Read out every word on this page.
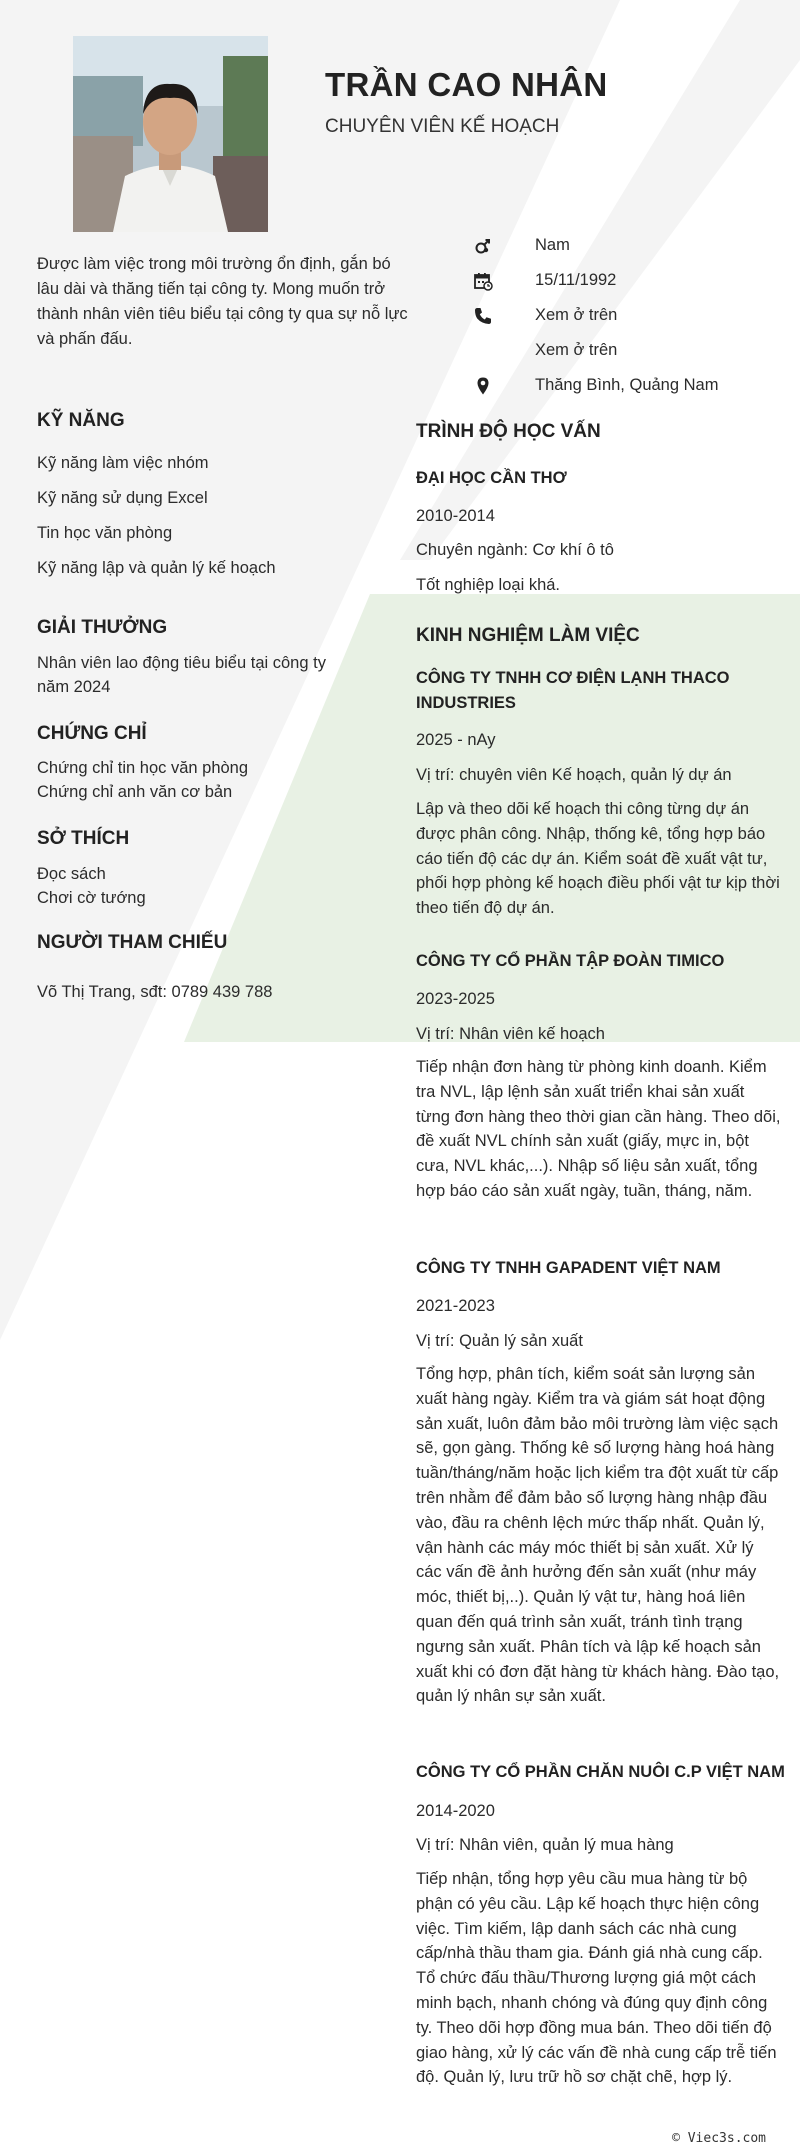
TRẦN CAO NHÂN
CHUYÊN VIÊN KẾ HOẠCH
Được làm việc trong môi trường ổn định, gắn bó lâu dài và thăng tiến tại công ty. Mong muốn trở thành nhân viên tiêu biểu tại công ty qua sự nỗ lực và phấn đấu.
Nam
15/11/1992
Xem ở trên
Xem ở trên
Thăng Bình, Quảng Nam
KỸ NĂNG
Kỹ năng làm việc nhóm
Kỹ năng sử dụng Excel
Tin học văn phòng
Kỹ năng lập và quản lý kế hoạch
GIẢI THƯỞNG
Nhân viên lao động tiêu biểu tại công ty năm 2024
CHỨNG CHỈ
Chứng chỉ tin học văn phòng
Chứng chỉ anh văn cơ bản
SỞ THÍCH
Đọc sách
Chơi cờ tướng
NGƯỜI THAM CHIẾU
Võ Thị Trang, sđt: 0789 439 788
TRÌNH ĐỘ HỌC VẤN
ĐẠI HỌC CẦN THƠ
2010-2014
Chuyên ngành: Cơ khí ô tô
Tốt nghiệp loại khá.
KINH NGHIỆM LÀM VIỆC
CÔNG TY TNHH CƠ ĐIỆN LẠNH THACO INDUSTRIES
2025 - nAy
Vị trí: chuyên viên Kế hoạch, quản lý dự án
Lập và theo dõi kế hoạch thi công từng dự án được phân công. Nhập, thống kê, tổng hợp báo cáo tiến độ các dự án. Kiểm soát đề xuất vật tư, phối hợp phòng kế hoạch điều phối vật tư kịp thời theo tiến độ dự án.
CÔNG TY CỔ PHẦN TẬP ĐOÀN TIMICO
2023-2025
Vị trí: Nhân viên kế hoạch
Tiếp nhận đơn hàng từ phòng kinh doanh. Kiểm tra NVL, lập lệnh sản xuất triển khai sản xuất từng đơn hàng theo thời gian cần hàng. Theo dõi, đề xuất NVL chính sản xuất (giấy, mực in, bột cưa, NVL khác,...). Nhập số liệu sản xuất, tổng hợp báo cáo sản xuất ngày, tuần, tháng, năm.
CÔNG TY TNHH GAPADENT VIỆT NAM
2021-2023
Vị trí: Quản lý sản xuất
Tổng hợp, phân tích, kiểm soát sản lượng sản xuất hàng ngày. Kiểm tra và giám sát hoạt động sản xuất, luôn đảm bảo môi trường làm việc sạch sẽ, gọn gàng. Thống kê số lượng hàng hoá hàng tuần/tháng/năm hoặc lịch kiểm tra đột xuất từ cấp trên nhằm để đảm bảo số lượng hàng nhập đầu vào, đầu ra chênh lệch mức thấp nhất. Quản lý, vận hành các máy móc thiết bị sản xuất. Xử lý các vấn đề ảnh hưởng đến sản xuất (như máy móc, thiết bị,..). Quản lý vật tư, hàng hoá liên quan đến quá trình sản xuất, tránh tình trạng ngưng sản xuất. Phân tích và lập kế hoạch sản xuất khi có đơn đặt hàng từ khách hàng. Đào tạo, quản lý nhân sự sản xuất.
CÔNG TY CỔ PHẦN CHĂN NUÔI C.P VIỆT NAM
2014-2020
Vị trí: Nhân viên, quản lý mua hàng
Tiếp nhận, tổng hợp yêu cầu mua hàng từ bộ phận có yêu cầu. Lập kế hoạch thực hiện công việc. Tìm kiếm, lập danh sách các nhà cung cấp/nhà thầu tham gia. Đánh giá nhà cung cấp. Tổ chức đấu thầu/Thương lượng giá một cách minh bạch, nhanh chóng và đúng quy định công ty. Theo dõi hợp đồng mua bán. Theo dõi tiến độ giao hàng, xử lý các vấn đề nhà cung cấp trễ tiến độ. Quản lý, lưu trữ hồ sơ chặt chẽ, hợp lý.
© Viec3s.com
